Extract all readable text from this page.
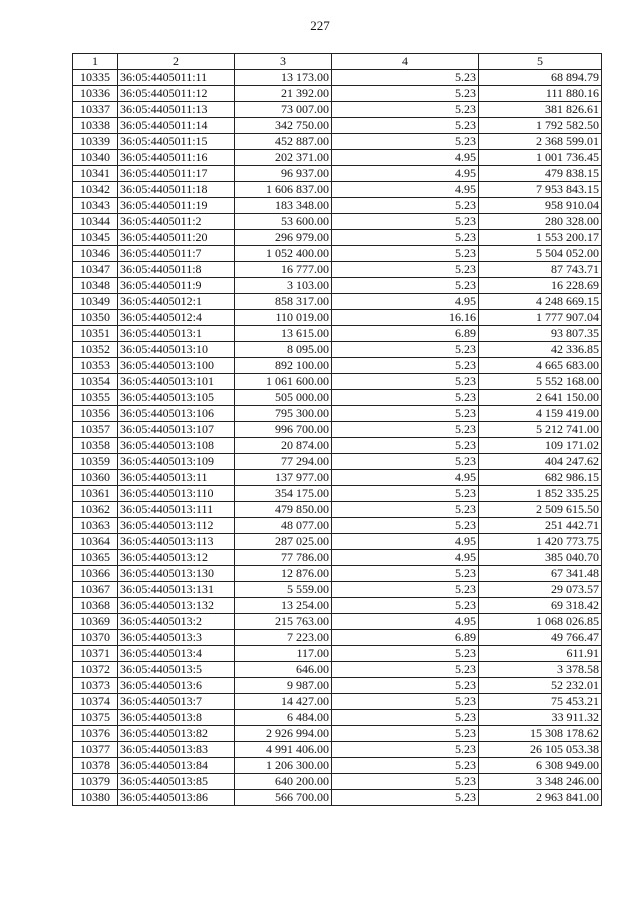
227
1	2	3	4	5
10335	36:05:4405011:11	13 173.00	5.23	68 894.79
10336	36:05:4405011:12	21 392.00	5.23	111 880.16
10337	36:05:4405011:13	73 007.00	5.23	381 826.61
10338	36:05:4405011:14	342 750.00	5.23	1 792 582.50
10339	36:05:4405011:15	452 887.00	5.23	2 368 599.01
10340	36:05:4405011:16	202 371.00	4.95	1 001 736.45
10341	36:05:4405011:17	96 937.00	4.95	479 838.15
10342	36:05:4405011:18	1 606 837.00	4.95	7 953 843.15
10343	36:05:4405011:19	183 348.00	5.23	958 910.04
10344	36:05:4405011:2	53 600.00	5.23	280 328.00
10345	36:05:4405011:20	296 979.00	5.23	1 553 200.17
10346	36:05:4405011:7	1 052 400.00	5.23	5 504 052.00
10347	36:05:4405011:8	16 777.00	5.23	87 743.71
10348	36:05:4405011:9	3 103.00	5.23	16 228.69
10349	36:05:4405012:1	858 317.00	4.95	4 248 669.15
10350	36:05:4405012:4	110 019.00	16.16	1 777 907.04
10351	36:05:4405013:1	13 615.00	6.89	93 807.35
10352	36:05:4405013:10	8 095.00	5.23	42 336.85
10353	36:05:4405013:100	892 100.00	5.23	4 665 683.00
10354	36:05:4405013:101	1 061 600.00	5.23	5 552 168.00
10355	36:05:4405013:105	505 000.00	5.23	2 641 150.00
10356	36:05:4405013:106	795 300.00	5.23	4 159 419.00
10357	36:05:4405013:107	996 700.00	5.23	5 212 741.00
10358	36:05:4405013:108	20 874.00	5.23	109 171.02
10359	36:05:4405013:109	77 294.00	5.23	404 247.62
10360	36:05:4405013:11	137 977.00	4.95	682 986.15
10361	36:05:4405013:110	354 175.00	5.23	1 852 335.25
10362	36:05:4405013:111	479 850.00	5.23	2 509 615.50
10363	36:05:4405013:112	48 077.00	5.23	251 442.71
10364	36:05:4405013:113	287 025.00	4.95	1 420 773.75
10365	36:05:4405013:12	77 786.00	4.95	385 040.70
10366	36:05:4405013:130	12 876.00	5.23	67 341.48
10367	36:05:4405013:131	5 559.00	5.23	29 073.57
10368	36:05:4405013:132	13 254.00	5.23	69 318.42
10369	36:05:4405013:2	215 763.00	4.95	1 068 026.85
10370	36:05:4405013:3	7 223.00	6.89	49 766.47
10371	36:05:4405013:4	117.00	5.23	611.91
10372	36:05:4405013:5	646.00	5.23	3 378.58
10373	36:05:4405013:6	9 987.00	5.23	52 232.01
10374	36:05:4405013:7	14 427.00	5.23	75 453.21
10375	36:05:4405013:8	6 484.00	5.23	33 911.32
10376	36:05:4405013:82	2 926 994.00	5.23	15 308 178.62
10377	36:05:4405013:83	4 991 406.00	5.23	26 105 053.38
10378	36:05:4405013:84	1 206 300.00	5.23	6 308 949.00
10379	36:05:4405013:85	640 200.00	5.23	3 348 246.00
10380	36:05:4405013:86	566 700.00	5.23	2 963 841.00
